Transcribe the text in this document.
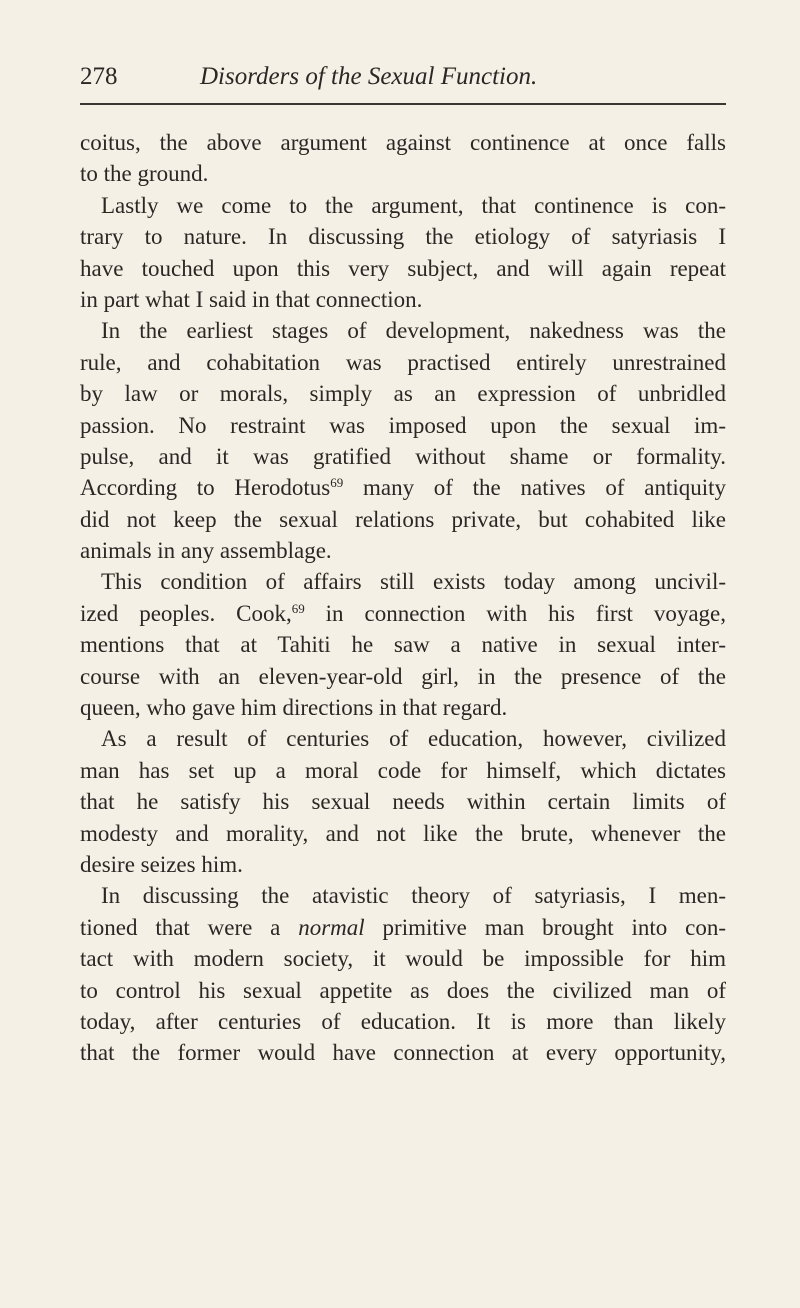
278	Disorders of the Sexual Function.
coitus, the above argument against continence at once falls
to the ground.
Lastly we come to the argument, that continence is con-
trary to nature. In discussing the etiology of satyriasis I
have touched upon this very subject, and will again repeat
in part what I said in that connection.
In the earliest stages of development, nakedness was the
rule, and cohabitation was practised entirely unrestrained
by law or morals, simply as an expression of unbridled
passion. No restraint was imposed upon the sexual im-
pulse, and it was gratified without shame or formality.
According to Herodotus$^{69}$ many of the natives of antiquity
did not keep the sexual relations private, but cohabited like
animals in any assemblage.
This condition of affairs still exists today among uncivil-
ized peoples. Cook,$^{69}$ in connection with his first voyage,
mentions that at Tahiti he saw a native in sexual inter-
course with an eleven-year-old girl, in the presence of the
queen, who gave him directions in that regard.
As a result of centuries of education, however, civilized
man has set up a moral code for himself, which dictates
that he satisfy his sexual needs within certain limits of
modesty and morality, and not like the brute, whenever the
desire seizes him.
In discussing the atavistic theory of satyriasis, I men-
tioned that were a normal primitive man brought into con-
tact with modern society, it would be impossible for him
to control his sexual appetite as does the civilized man of
today, after centuries of education. It is more than likely
that the former would have connection at every opportunity,
